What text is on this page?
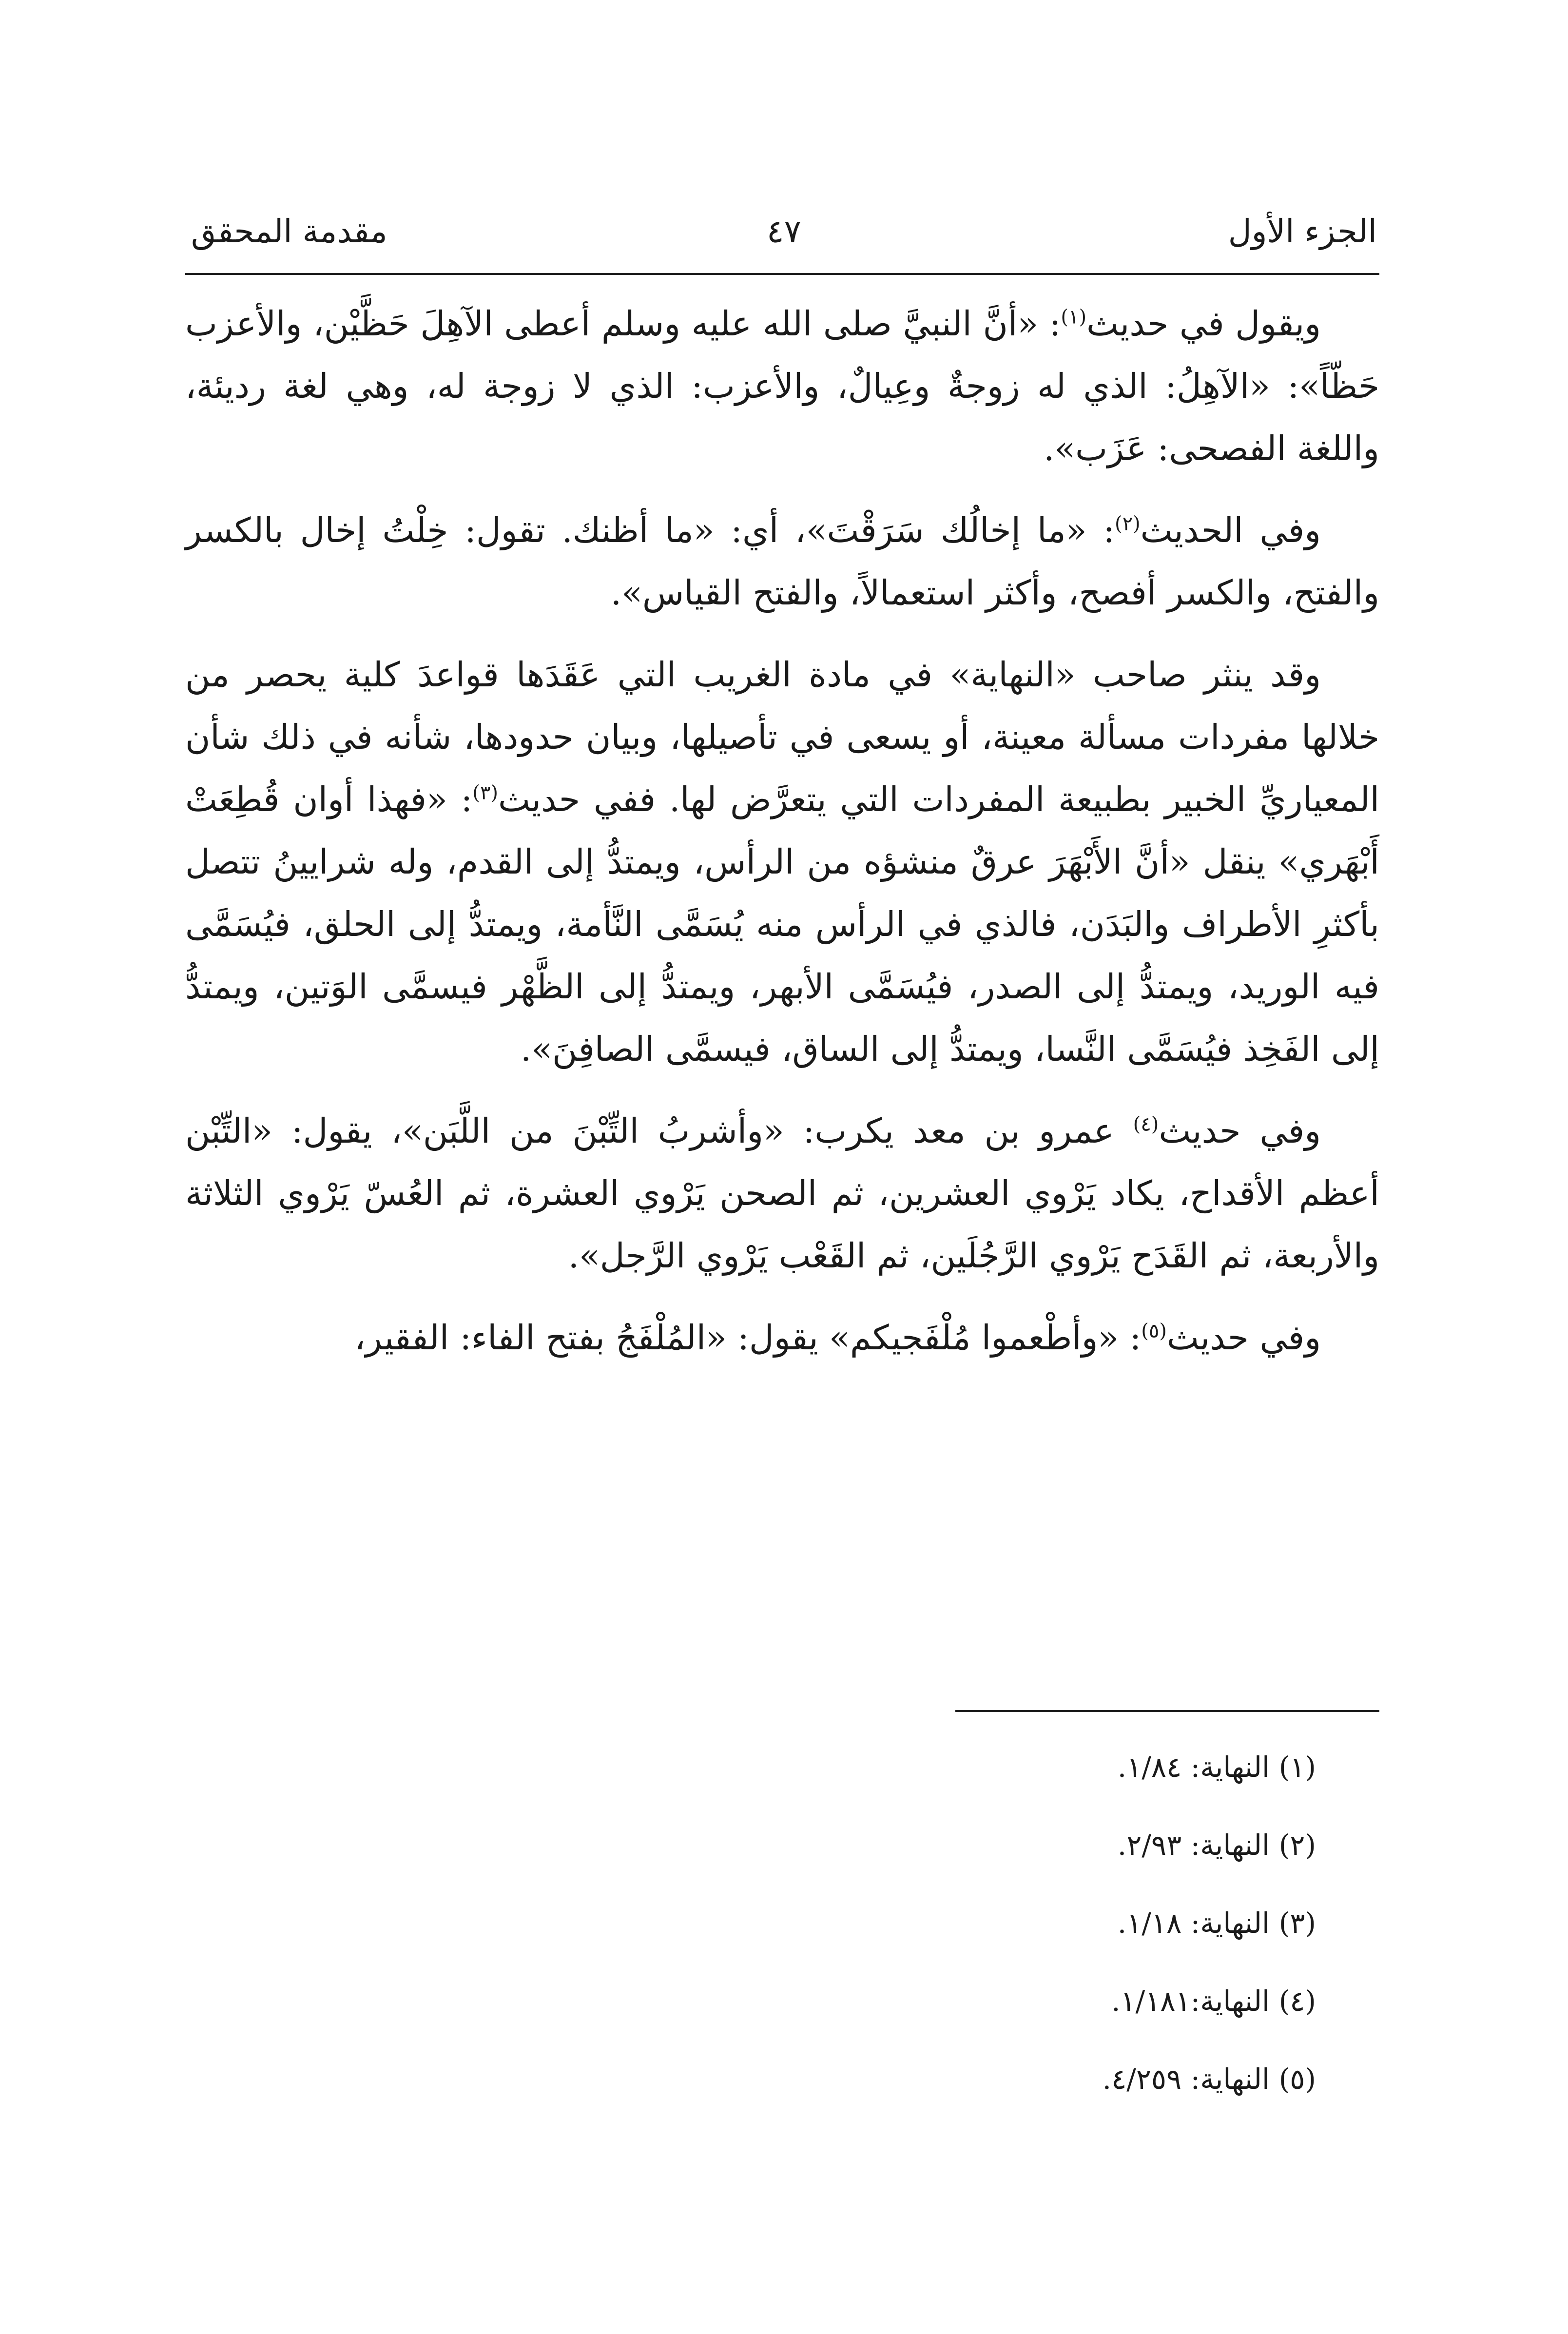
الجزء الأول
٤٧
مقدمة المحقق

ويقول في حديث$^{(١)}$: «أنَّ النبيَّ صلى الله عليه وسلم أعطى الآهِلَ حَظَّيْن، والأعزب حَظّاً»: «الآهِلُ: الذي له زوجةٌ وعِيالٌ، والأعزب: الذي لا زوجة له، وهي لغة رديئة، واللغة الفصحى: عَزَب».

وفي الحديث$^{(٢)}$: «ما إخالُك سَرَقْتَ»، أي: «ما أظنك. تقول: خِلْتُ إخال بالكسر والفتح، والكسر أفصح، وأكثر استعمالاً، والفتح القياس».

وقد ينثر صاحب «النهاية» في مادة الغريب التي عَقَدَها قواعدَ كلية يحصر من خلالها مفردات مسألة معينة، أو يسعى في تأصيلها، وبيان حدودها، شأنه في ذلك شأن المعياريِّ الخبير بطبيعة المفردات التي يتعرَّض لها. ففي حديث$^{(٣)}$: «فهذا أوان قُطِعَتْ أَبْهَري» ينقل «أنَّ الأَبْهَرَ عرقٌ منشؤه من الرأس، ويمتدُّ إلى القدم، وله شرايينُ تتصل بأكثرِ الأطراف والبَدَن، فالذي في الرأس منه يُسَمَّى النَّأمة، ويمتدُّ إلى الحلق، فيُسَمَّى فيه الوريد، ويمتدُّ إلى الصدر، فيُسَمَّى الأبهر، ويمتدُّ إلى الظَّهْر فيسمَّى الوَتين، ويمتدُّ إلى الفَخِذ فيُسَمَّى النَّسا، ويمتدُّ إلى الساق، فيسمَّى الصافِنَ».

وفي حديث$^{(٤)}$ عمرو بن معد يكرب: «وأشربُ التِّبْنَ من اللَّبَن»، يقول: «التِّبْن أعظم الأقداح، يكاد يَرْوي العشرين، ثم الصحن يَرْوي العشرة، ثم العُسّ يَرْوي الثلاثة والأربعة، ثم القَدَح يَرْوي الرَّجُلَين، ثم القَعْب يَرْوي الرَّجل».

وفي حديث$^{(٥)}$: «وأطْعموا مُلْفَجيكم» يقول: «المُلْفَجُ بفتح الفاء: الفقير،

(١) النهاية: ١/٨٤.
(٢) النهاية: ٢/٩٣.
(٣) النهاية: ١/١٨.
(٤) النهاية:١/١٨١.
(٥) النهاية: ٤/٢٥٩.
